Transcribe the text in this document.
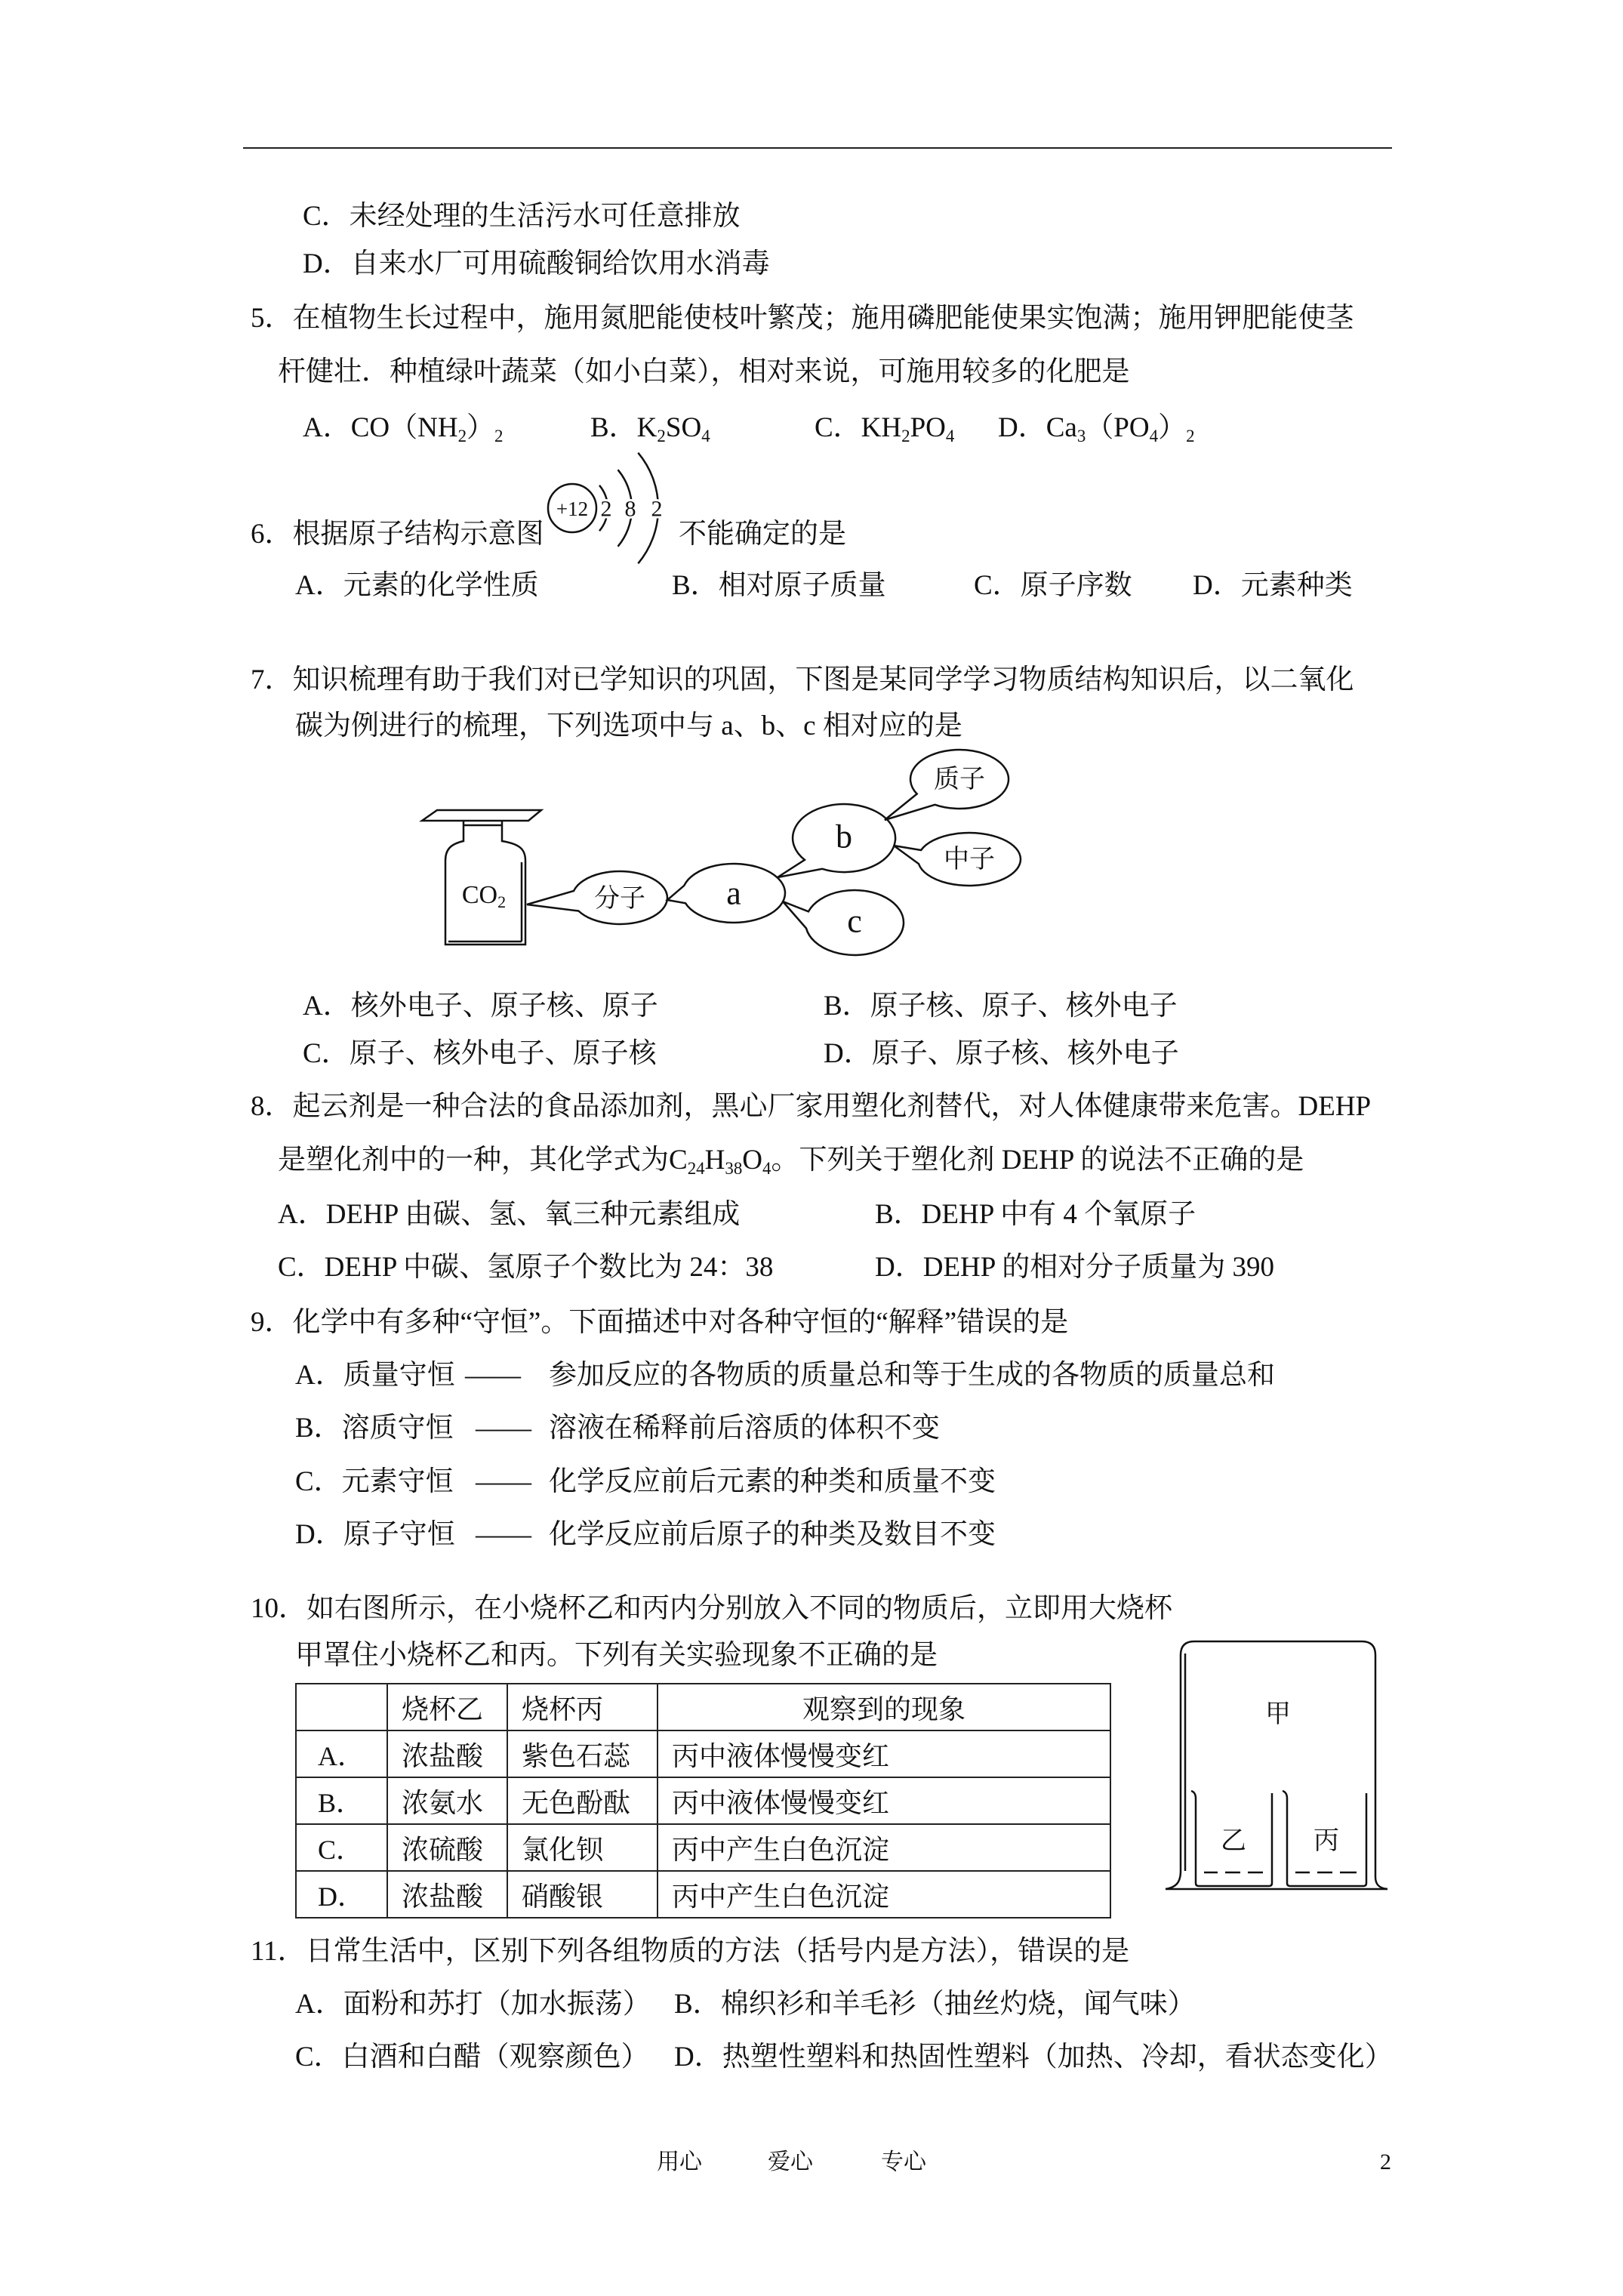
C．未经处理的生活污水可任意排放
D．自来水厂可用硫酸铜给饮用水消毒
5．在植物生长过程中，施用氮肥能使枝叶繁茂；施用磷肥能使果实饱满；施用钾肥能使茎
杆健壮．种植绿叶蔬菜（如小白菜），相对来说，可施用较多的化肥是
A．CO（NH2）2	B．K2SO4	C．KH2PO4 D．Ca3（PO4）2
6．根据原子结构示意图
+12 2 8 2
不能确定的是
A．元素的化学性质	B．相对原子质量	C．原子序数 D．元素种类
7．知识梳理有助于我们对已学知识的巩固，下图是某同学学习物质结构知识后，以二氧化
碳为例进行的梳理，下列选项中与 a、b、c 相对应的是
$CO_2$	分子 a
b
c
质子
中子
A．核外电子、原子核、原子	B．原子核、原子、核外电子
C．原子、核外电子、原子核	D．原子、原子核、核外电子
8．起云剂是一种合法的食品添加剂，黑心厂家用塑化剂替代，对人体健康带来危害。DEHP
是塑化剂中的一种，其化学式为C24H38O4。下列关于塑化剂 DEHP 的说法不正确的是
A．DEHP 由碳、氢、氧三种元素组成	B．DEHP 中有 4 个氧原子
C．DEHP 中碳、氢原子个数比为 24：38	D．DEHP 的相对分子质量为 390
9．化学中有多种“守恒”。下面描述中对各种守恒的“解释”错误的是
A．质量守恒 —— 参加反应的各物质的质量总和等于生成的各物质的质量总和
B．溶质守恒 —— 溶液在稀释前后溶质的体积不变
C．元素守恒 —— 化学反应前后元素的种类和质量不变
D．原子守恒 —— 化学反应前后原子的种类及数目不变
10．如右图所示，在小烧杯乙和丙内分别放入不同的物质后，立即用大烧杯
甲罩住小烧杯乙和丙。下列有关实验现象不正确的是
	烧杯乙	烧杯丙	观察到的现象
A．	浓盐酸	紫色石蕊	丙中液体慢慢变红
B．	浓氨水	无色酚酞	丙中液体慢慢变红
C．	浓硫酸	氯化钡	丙中产生白色沉淀
D．	浓盐酸	硝酸银	丙中产生白色沉淀
甲
乙	丙
11．日常生活中，区别下列各组物质的方法（括号内是方法），错误的是
A．面粉和苏打（加水振荡） B．棉织衫和羊毛衫（抽丝灼烧，闻气味）
C．白酒和白醋（观察颜色） D．热塑性塑料和热固性塑料（加热、冷却，看状态变化）
用心	爱心	专心	2
